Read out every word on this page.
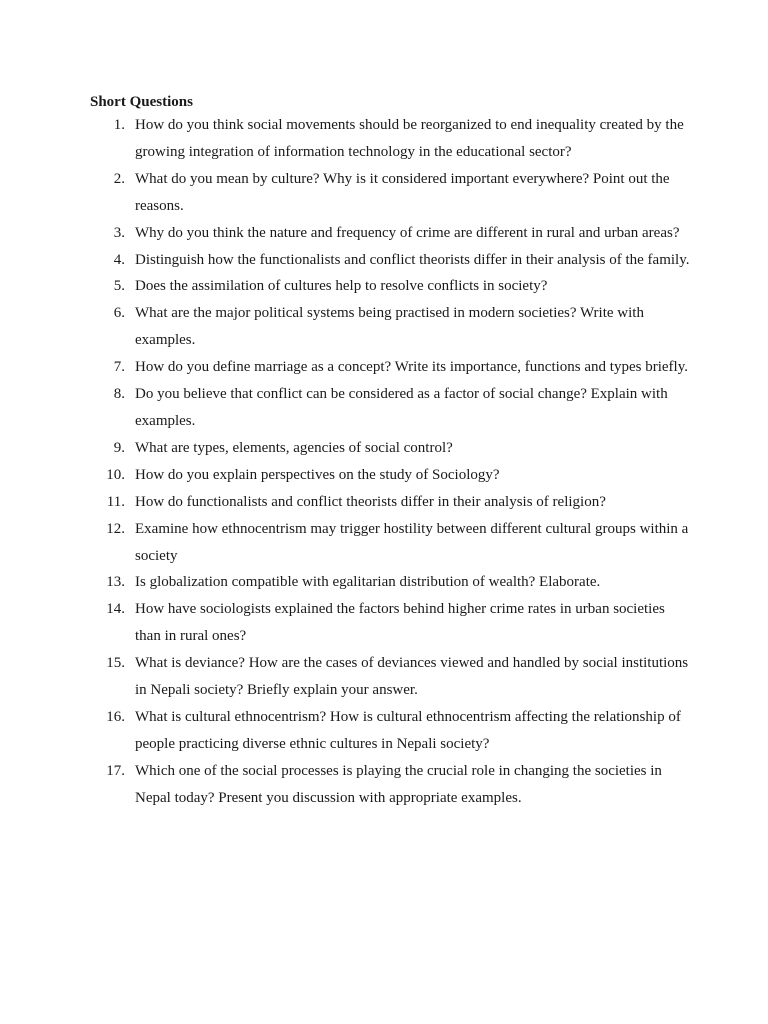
Short Questions
1. How do you think social movements should be reorganized to end inequality created by the growing integration of information technology in the educational sector?
2. What do you mean by culture? Why is it considered important everywhere? Point out the reasons.
3. Why do you think the nature and frequency of crime are different in rural and urban areas?
4. Distinguish how the functionalists and conflict theorists differ in their analysis of the family.
5. Does the assimilation of cultures help to resolve conflicts in society?
6. What are the major political systems being practised in modern societies? Write with examples.
7. How do you define marriage as a concept? Write its importance, functions and types briefly.
8. Do you believe that conflict can be considered as a factor of social change? Explain with examples.
9. What are types, elements, agencies of social control?
10. How do you explain perspectives on the study of Sociology?
11. How do functionalists and conflict theorists differ in their analysis of religion?
12. Examine how ethnocentrism may trigger hostility between different cultural groups within a society
13. Is globalization compatible with egalitarian distribution of wealth? Elaborate.
14. How have sociologists explained the factors behind higher crime rates in urban societies than in rural ones?
15. What is deviance? How are the cases of deviances viewed and handled by social institutions in Nepali society? Briefly explain your answer.
16. What is cultural ethnocentrism? How is cultural ethnocentrism affecting the relationship of people practicing diverse ethnic cultures in Nepali society?
17. Which one of the social processes is playing the crucial role in changing the societies in Nepal today? Present you discussion with appropriate examples.
